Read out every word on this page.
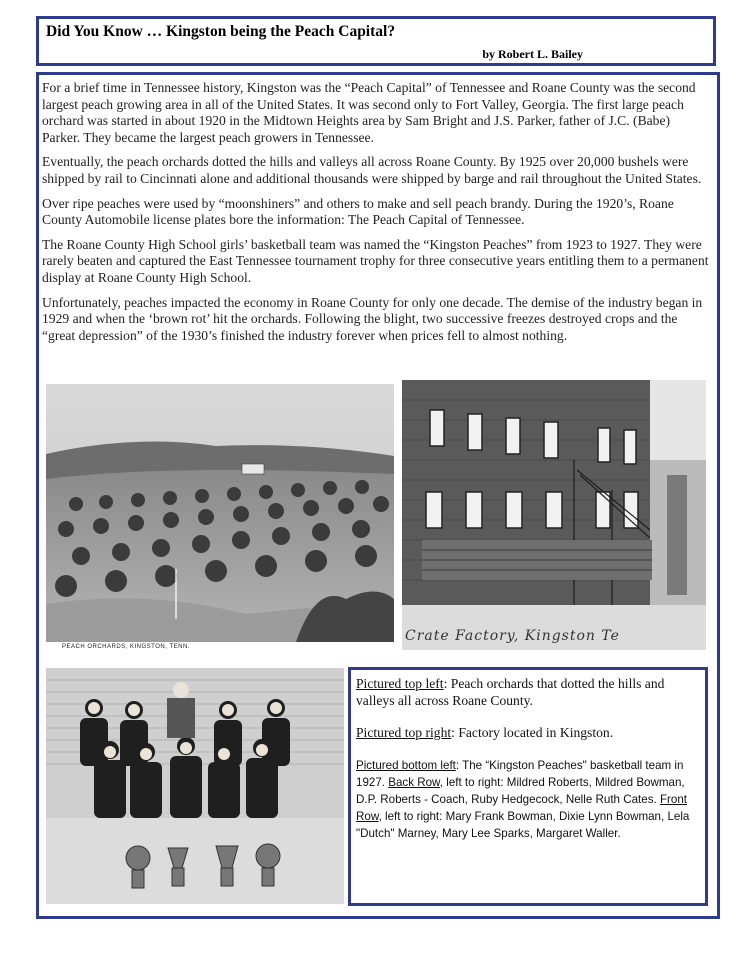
Did You Know … Kingston being the Peach Capital?
by Robert L. Bailey

For a brief time in Tennessee history, Kingston was the “Peach Capital” of Tennessee and Roane County was the second largest peach growing area in all of the United States. It was second only to Fort Valley, Georgia. The first large peach orchard was started in about 1920 in the Midtown Heights area by Sam Bright and J.S. Parker, father of J.C. (Babe) Parker. They became the largest peach growers in Tennessee.

Eventually, the peach orchards dotted the hills and valleys all across Roane County. By 1925 over 20,000 bushels were shipped by rail to Cincinnati alone and additional thousands were shipped by barge and rail throughout the United States.

Over ripe peaches were used by “moonshiners” and others to make and sell peach brandy. During the 1920’s, Roane County Automobile license plates bore the information: The Peach Capital of Tennessee.

The Roane County High School girls’ basketball team was named the “Kingston Peaches” from 1923 to 1927. They were rarely beaten and captured the East Tennessee tournament trophy for three consecutive years entitling them to a permanent display at Roane County High School.

Unfortunately, peaches impacted the economy in Roane County for only one decade. The demise of the industry began in 1929 and when the ‘brown rot’ hit the orchards. Following the blight, two successive freezes destroyed crops and the “great depression” of the 1930’s finished the industry forever when prices fell to almost nothing.

PEACH ORCHARDS, KINGSTON, TENN.
Crate Factory, Kingston Te
Pictured top left: Peach orchards that dotted the hills and valleys all across Roane County.
Pictured top right: Factory located in Kingston.
Pictured bottom left: The “Kingston Peaches" basketball team in 1927. Back Row, left to right: Mildred Roberts, Mildred Bowman, D.P. Roberts - Coach, Ruby Hedgecock, Nelle Ruth Cates. Front Row, left to right: Mary Frank Bowman, Dixie Lynn Bowman, Lela "Dutch" Marney, Mary Lee Sparks, Margaret Waller.
